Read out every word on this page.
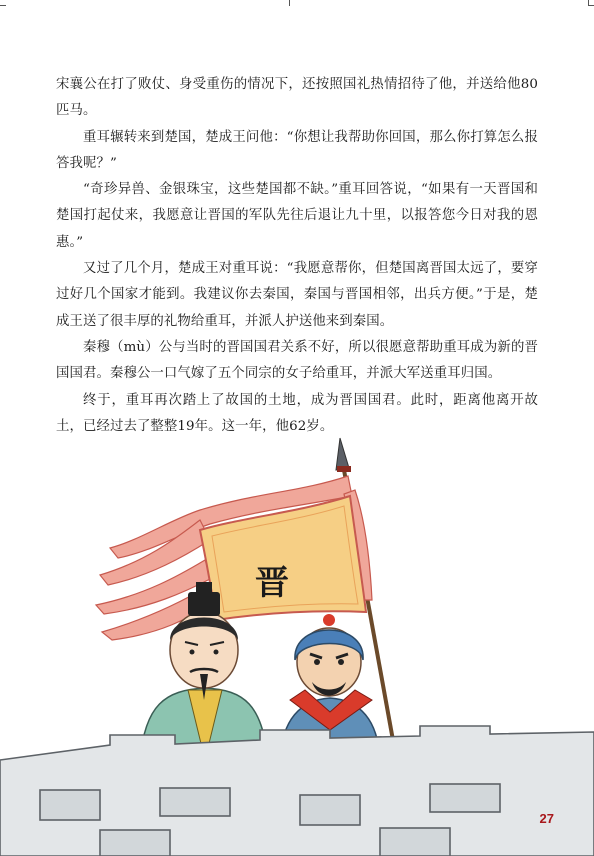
宋襄公在打了败仗、身受重伤的情况下，还按照国礼热情招待了他，并送给他80匹马。

重耳辗转来到楚国，楚成王问他：“你想让我帮助你回国，那么你打算怎么报答我呢？”

“奇珍异兽、金银珠宝，这些楚国都不缺。”重耳回答说，“如果有一天晋国和楚国打起仗来，我愿意让晋国的军队先往后退让九十里，以报答您今日对我的恩惠。”

又过了几个月，楚成王对重耳说：“我愿意帮你，但楚国离晋国太远了，要穿过好几个国家才能到。我建议你去秦国，秦国与晋国相邻，出兵方便。”于是，楚成王送了很丰厚的礼物给重耳，并派人护送他来到秦国。

秦穆（mù）公与当时的晋国国君关系不好，所以很愿意帮助重耳成为新的晋国国君。秦穆公一口气嫁了五个同宗的女子给重耳，并派大军送重耳归国。

终于，重耳再次踏上了故国的土地，成为晋国国君。此时，距离他离开故土，已经过去了整整19年。这一年，他62岁。

晋
27
